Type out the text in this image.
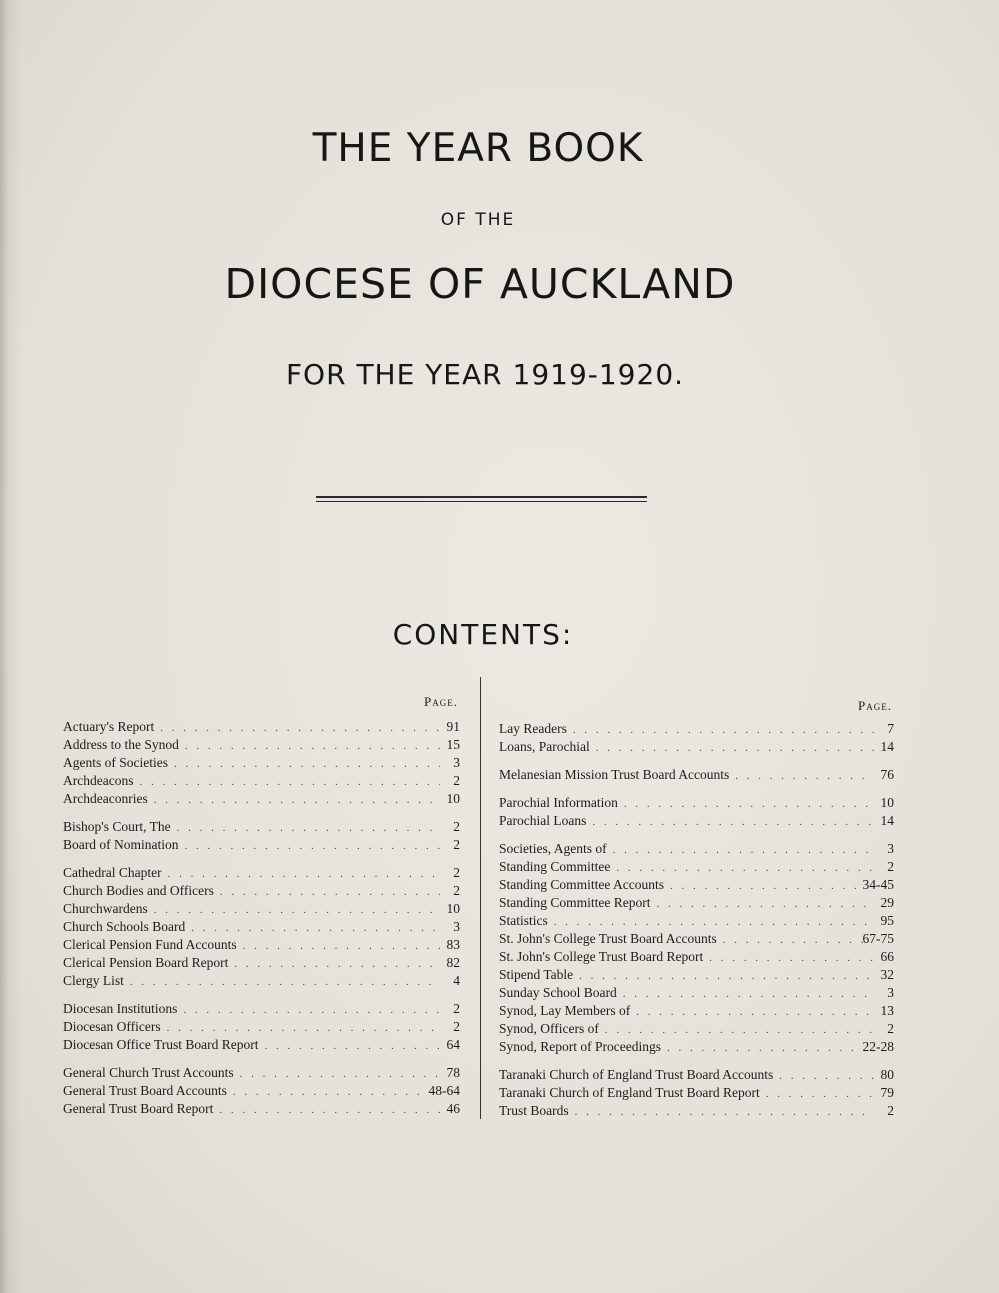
THE YEAR BOOK
OF THE
DIOCESE OF AUCKLAND
FOR THE YEAR 1919-1920.
CONTENTS:
Page.	Page.
Actuary's Report . . .	91
Address to the Synod . . .	15
Agents of Societies . . .	3
Archdeacons . . .	2
Archdeaconries . . .	10
Bishop's Court, The . . .	2
Board of Nomination . . .	2
Cathedral Chapter . . .	2
Church Bodies and Officers . . .	2
Churchwardens . . .	10
Church Schools Board . . .	3
Clerical Pension Fund Accounts . . .	83
Clerical Pension Board Report . . .	82
Clergy List . . .	4
Diocesan Institutions . . .	2
Diocesan Officers . . .	2
Diocesan Office Trust Board Report . . .	64
General Church Trust Accounts . . .	78
General Trust Board Accounts . . .	48-64
General Trust Board Report . . .	46
Lay Readers . . .	7
Loans, Parochial . . .	14
Melanesian Mission Trust Board Accounts . . .	76
Parochial Information . . .	10
Parochial Loans . . .	14
Societies, Agents of . . .	3
Standing Committee . . .	2
Standing Committee Accounts . . .	34-45
Standing Committee Report . . .	29
Statistics . . .	95
St. John's College Trust Board Accounts . . .	67-75
St. John's College Trust Board Report . . .	66
Stipend Table . . .	32
Sunday School Board . . .	3
Synod, Lay Members of . . .	13
Synod, Officers of . . .	2
Synod, Report of Proceedings . . .	22-28
Taranaki Church of England Trust Board Accounts . . .	80
Taranaki Church of England Trust Board Report . . .	79
Trust Boards . . .	2
